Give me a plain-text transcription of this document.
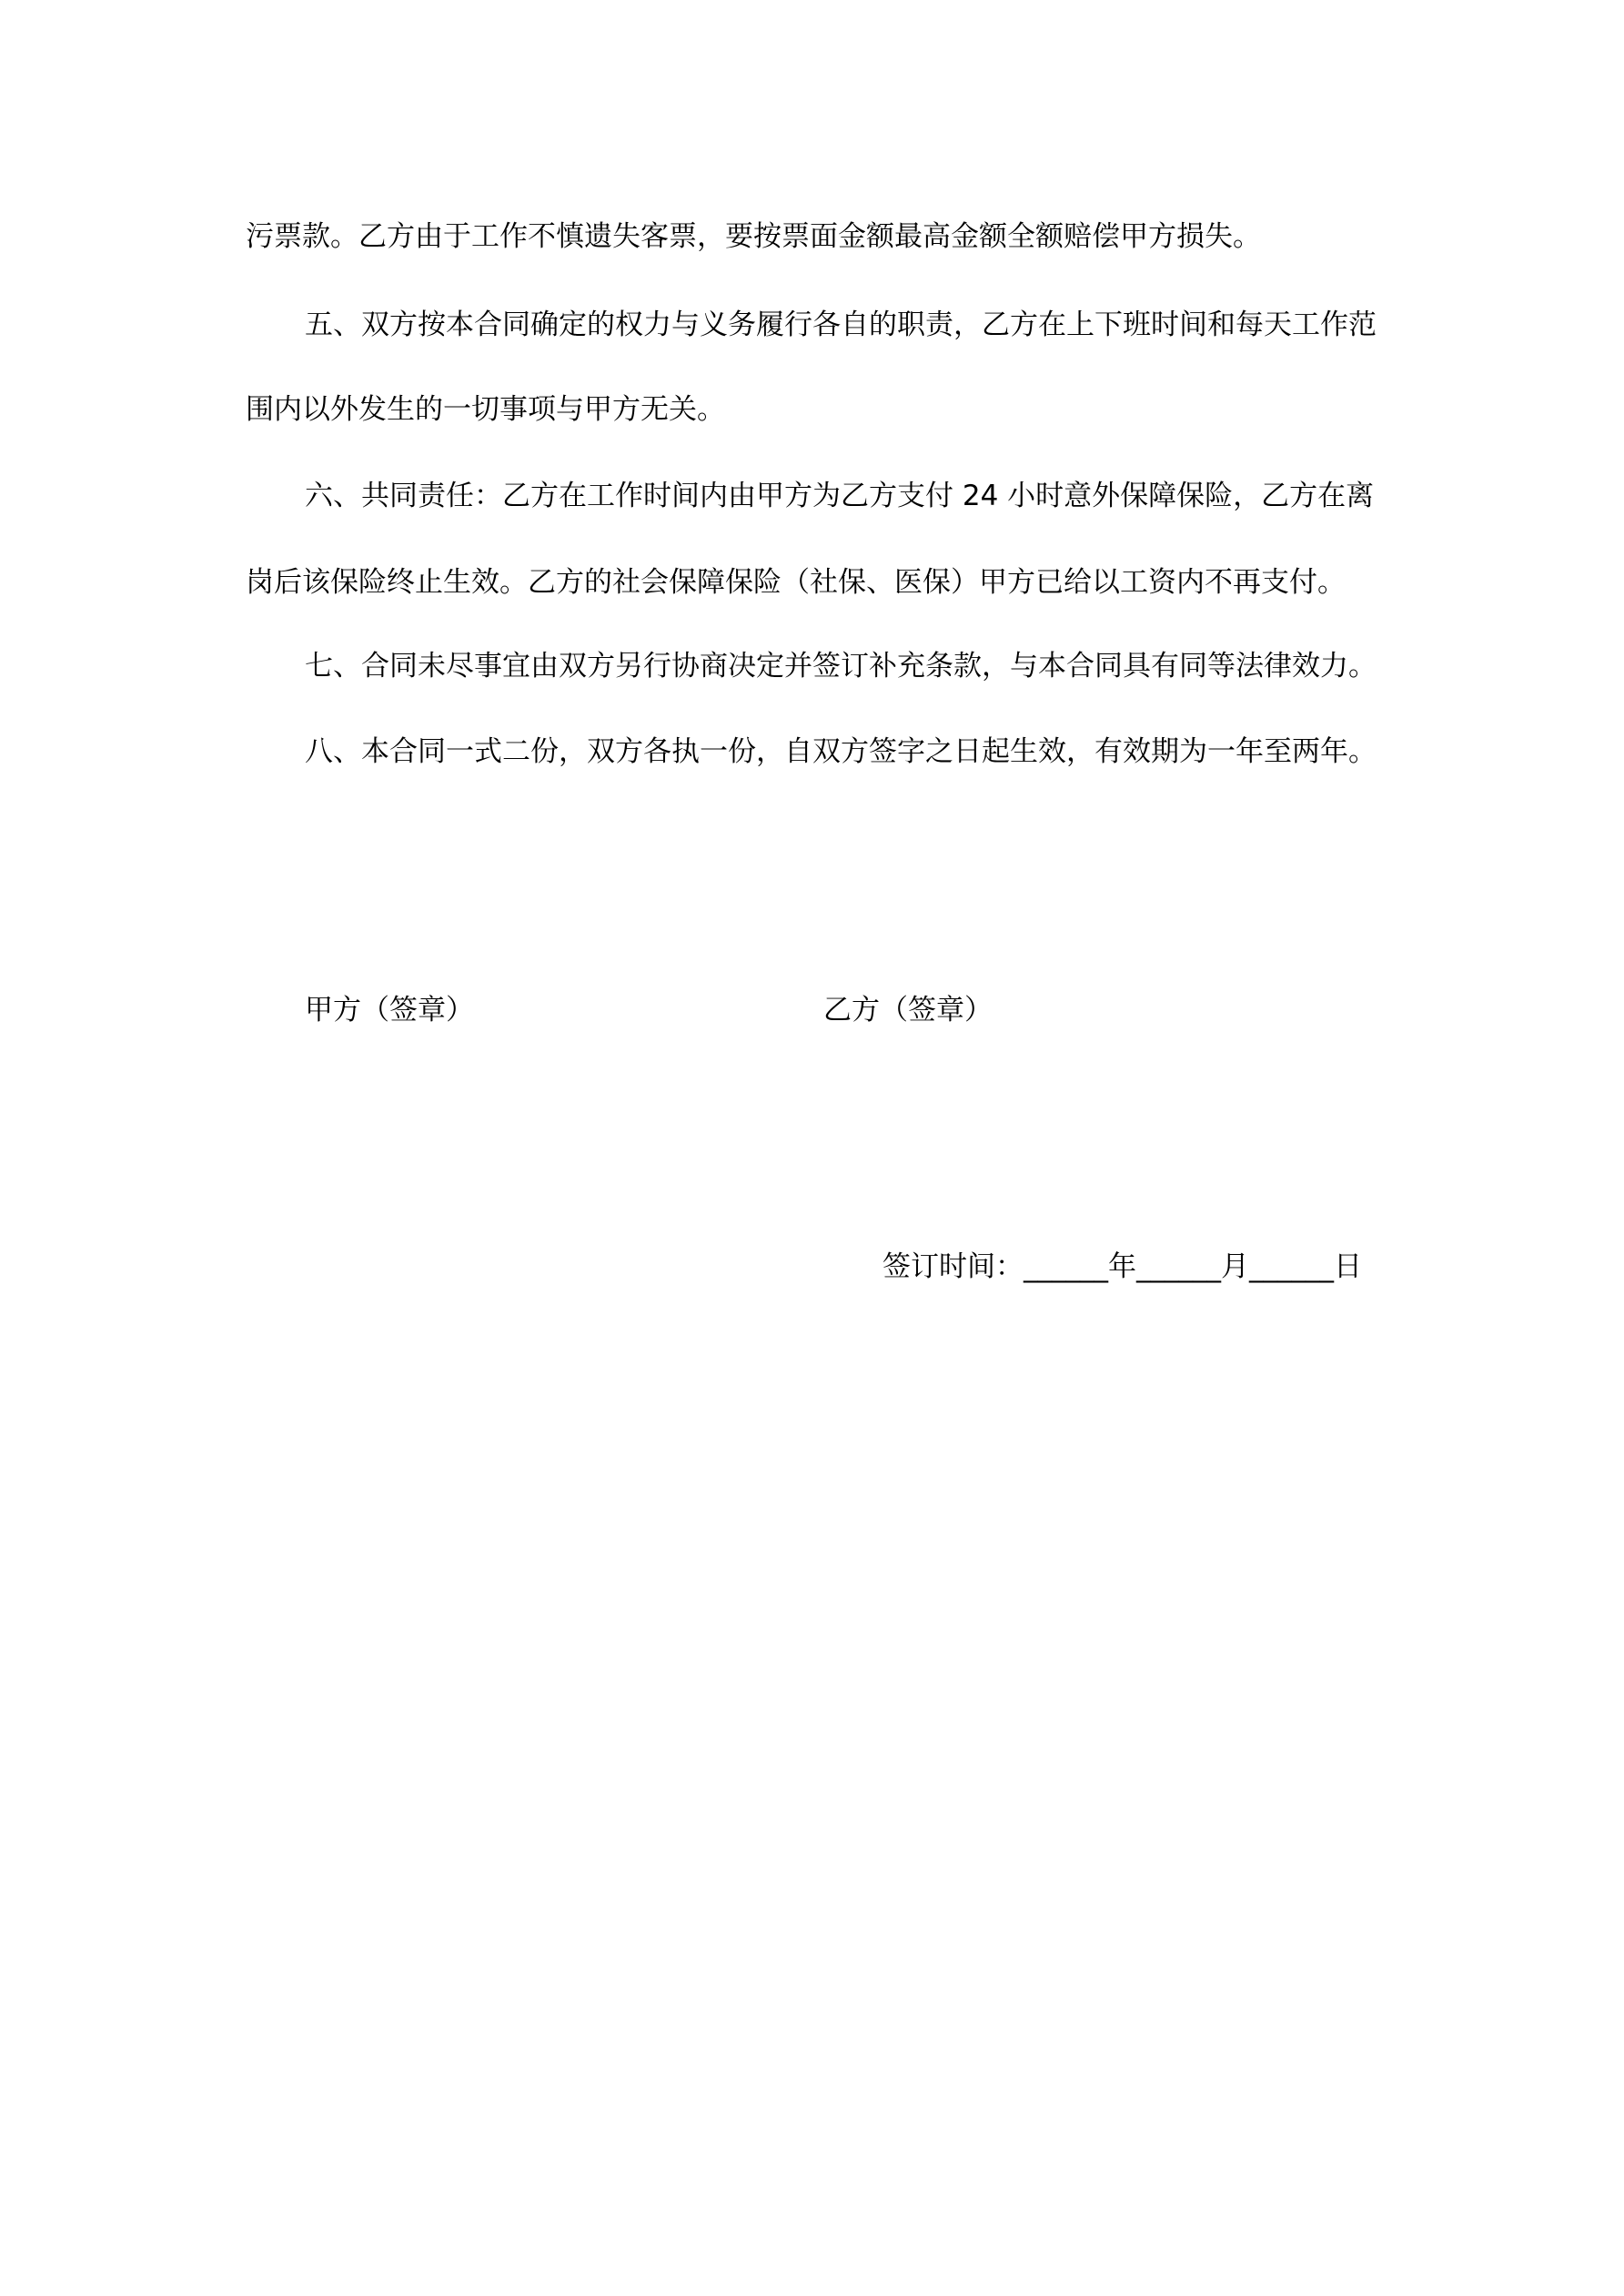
污票款。乙方由于工作不慎遗失客票，要按票面金额最高金额全额赔偿甲方损失。

五、双方按本合同确定的权力与义务履行各自的职责，乙方在上下班时间和每天工作范

围内以外发生的一切事项与甲方无关。

六、共同责任：乙方在工作时间内由甲方为乙方支付 24 小时意外保障保险，乙方在离

岗后该保险终止生效。乙方的社会保障保险（社保、医保）甲方已给以工资内不再支付。

七、合同未尽事宜由双方另行协商决定并签订补充条款，与本合同具有同等法律效力。

八、本合同一式二份，双方各执一份，自双方签字之日起生效，有效期为一年至两年。

甲方（签章）	乙方（签章）

签订时间：______年______月______日
